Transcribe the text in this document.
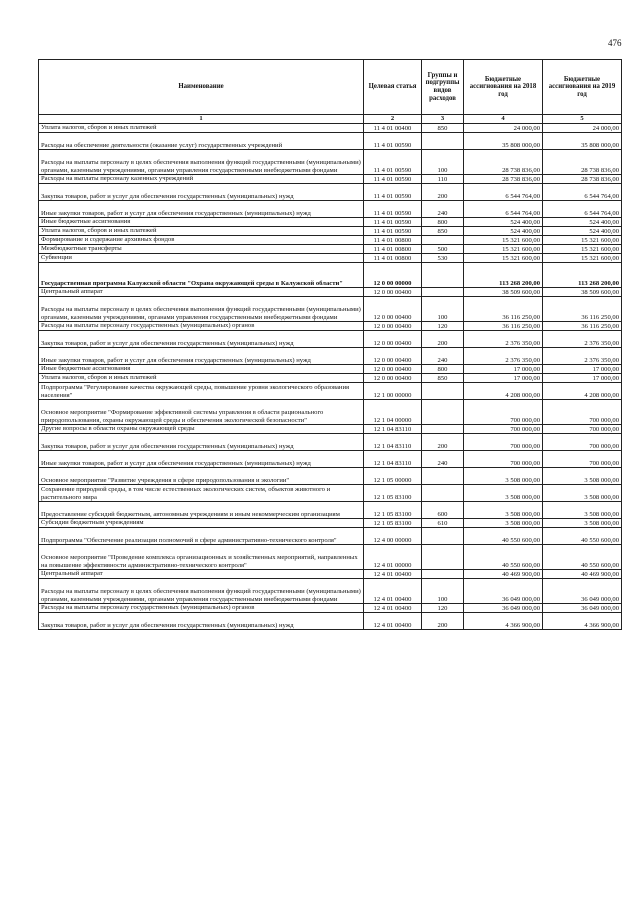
476
Наименование	Целевая статья	Группы и подгруппы видов расходов	Бюджетные ассигнования на 2018 год	Бюджетные ассигнования на 2019 год
1	2	3	4	5
Уплата налогов, сборов и иных платежей	11 4 01 00400	850	24 000,00	24 000,00
Расходы на обеспечение деятельности (оказание услуг) государственных учреждений	11 4 01 00590		35 808 000,00	35 808 000,00
Расходы на выплаты персоналу в целях обеспечения выполнения функций государственными (муниципальными) органами, казенными учреждениями, органами управления государственными внебюджетными фондами	11 4 01 00590	100	28 738 836,00	28 738 836,00
Расходы на выплаты персоналу казенных учреждений	11 4 01 00590	110	28 738 836,00	28 738 836,00
Закупка товаров, работ и услуг для обеспечения государственных (муниципальных) нужд	11 4 01 00590	200	6 544 764,00	6 544 764,00
Иные закупки товаров, работ и услуг для обеспечения государственных (муниципальных) нужд	11 4 01 00590	240	6 544 764,00	6 544 764,00
Иные бюджетные ассигнования	11 4 01 00590	800	524 400,00	524 400,00
Уплата налогов, сборов и иных платежей	11 4 01 00590	850	524 400,00	524 400,00
Формирование и содержание архивных фондов	11 4 01 00800		15 321 600,00	15 321 600,00
Межбюджетные трансферты	11 4 01 00800	500	15 321 600,00	15 321 600,00
Субвенции	11 4 01 00800	530	15 321 600,00	15 321 600,00
Государственная программа Калужской области "Охрана окружающей среды в Калужской области"	12 0 00 00000		113 268 200,00	113 268 200,00
Центральный аппарат	12 0 00 00400		38 509 600,00	38 509 600,00
Расходы на выплаты персоналу в целях обеспечения выполнения функций государственными (муниципальными) органами, казенными учреждениями, органами управления государственными внебюджетными фондами	12 0 00 00400	100	36 116 250,00	36 116 250,00
Расходы на выплаты персоналу государственных (муниципальных) органов	12 0 00 00400	120	36 116 250,00	36 116 250,00
Закупка товаров, работ и услуг для обеспечения государственных (муниципальных) нужд	12 0 00 00400	200	2 376 350,00	2 376 350,00
Иные закупки товаров, работ и услуг для обеспечения государственных (муниципальных) нужд	12 0 00 00400	240	2 376 350,00	2 376 350,00
Иные бюджетные ассигнования	12 0 00 00400	800	17 000,00	17 000,00
Уплата налогов, сборов и иных платежей	12 0 00 00400	850	17 000,00	17 000,00
Подпрограмма "Регулирование качества окружающей среды, повышение уровня экологического образования населения"	12 1 00 00000		4 208 000,00	4 208 000,00
Основное мероприятие "Формирование эффективной системы управления в области рационального природопользования, охраны окружающей среды и обеспечения экологической безопасности"	12 1 04 00000		700 000,00	700 000,00
Другие вопросы в области охраны окружающей среды	12 1 04 83110		700 000,00	700 000,00
Закупка товаров, работ и услуг для обеспечения государственных (муниципальных) нужд	12 1 04 83110	200	700 000,00	700 000,00
Иные закупки товаров, работ и услуг для обеспечения государственных (муниципальных) нужд	12 1 04 83110	240	700 000,00	700 000,00
Основное мероприятие "Развитие учреждения в сфере природопользования и экологии"	12 1 05 00000		3 508 000,00	3 508 000,00
Сохранение природной среды, в том числе естественных экологических систем, объектов животного и растительного мира	12 1 05 83100		3 508 000,00	3 508 000,00
Предоставление субсидий бюджетным, автономным учреждениям и иным некоммерческим организациям	12 1 05 83100	600	3 508 000,00	3 508 000,00
Субсидии бюджетным учреждениям	12 1 05 83100	610	3 508 000,00	3 508 000,00
Подпрограмма "Обеспечение реализации полномочий в сфере административно-технического контроля"	12 4 00 00000		40 550 600,00	40 550 600,00
Основное мероприятие "Проведение комплекса организационных и хозяйственных мероприятий, направленных на повышение эффективности административно-технического контроля"	12 4 01 00000		40 550 600,00	40 550 600,00
Центральный аппарат	12 4 01 00400		40 469 900,00	40 469 900,00
Расходы на выплаты персоналу в целях обеспечения выполнения функций государственными (муниципальными) органами, казенными учреждениями, органами управления государственными внебюджетными фондами	12 4 01 00400	100	36 049 000,00	36 049 000,00
Расходы на выплаты персоналу государственных (муниципальных) органов	12 4 01 00400	120	36 049 000,00	36 049 000,00
Закупка товаров, работ и услуг для обеспечения государственных (муниципальных) нужд	12 4 01 00400	200	4 366 900,00	4 366 900,00
